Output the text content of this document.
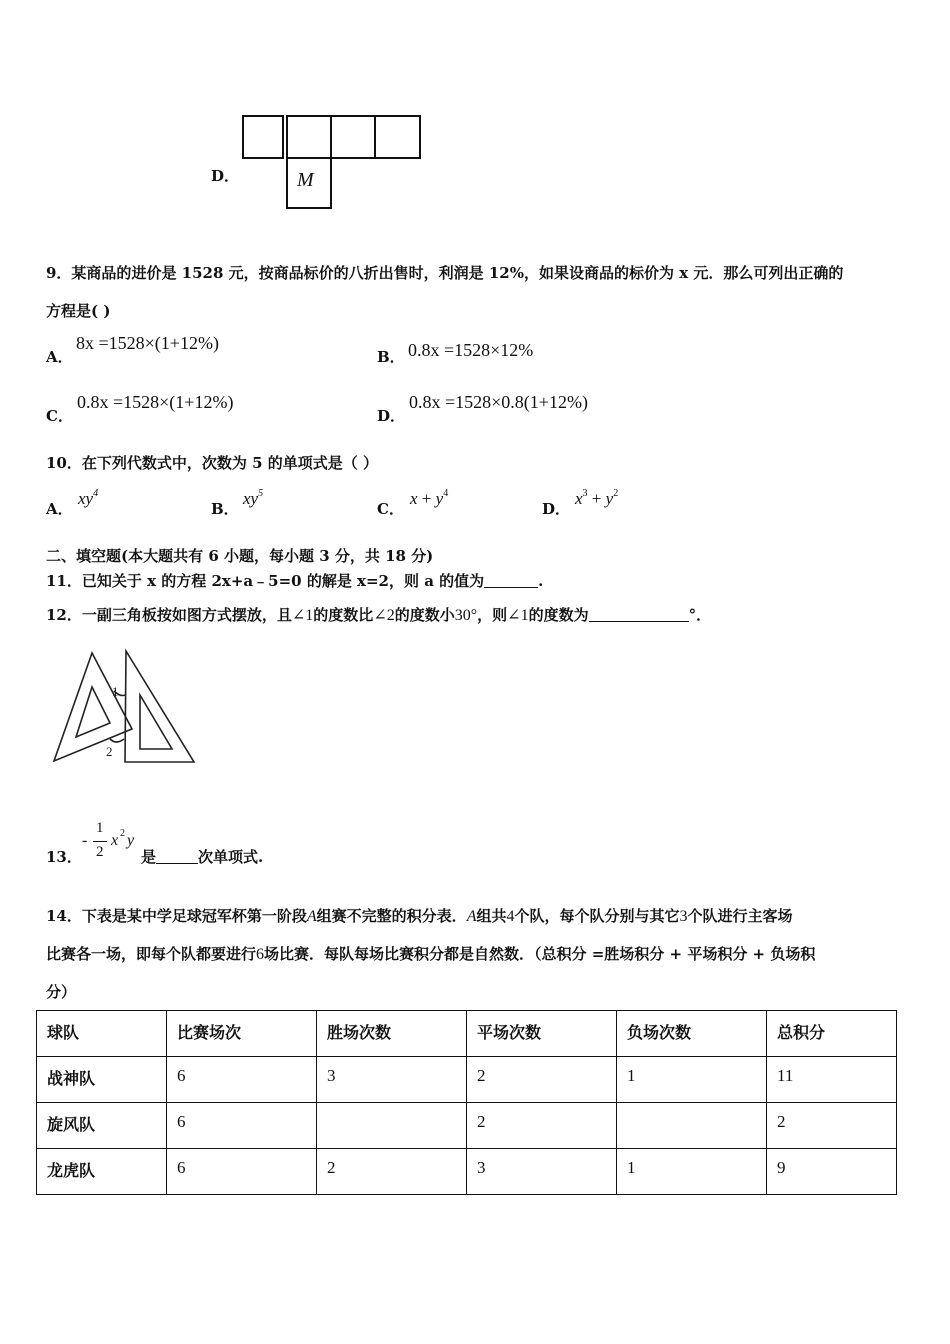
D．	M
9．某商品的进价是 1528 元，按商品标价的八折出售时，利润是 12%，如果设商品的标价为 x 元．那么可列出正确的
方程是( )
A．
8x =1528×(1+12%)
B． 0.8x =1528×12%
C．
0.8x =1528×(1+12%)
D．
0.8x =1528×0.8(1+12%)
10．在下列代数式中，次数为 5 的单项式是（ ）
A．
$xy^4$
B．
$xy^5$
C．
$x + y^4$
D．
$x^3 + y^2$
二、填空题(本大题共有 6 小题，每小题 3 分，共 18 分)
11．已知关于 x 的方程 2x+a﹣5=0 的解是 x=2，则 a 的值为	.
12．一副三角板按如图方式摆放，且∠1的度数比∠2的度数小30°，则∠1的度数为	°．
1
2
13．
-
1
2
x 2 y
是	次单项式.
14．下表是某中学足球冠军杯第一阶段A组赛不完整的积分表．A组共4个队，每个队分别与其它3个队进行主客场
比赛各一场，即每个队都要进行6场比赛．每队每场比赛积分都是自然数．（总积分 =胜场积分 + 平场积分 + 负场积
分）
球队	比赛场次	胜场次数	平场次数	负场次数	总积分
战神队	6	3	2	1	11
旋风队	6		2		2
龙虎队	6	2	3	1	9
